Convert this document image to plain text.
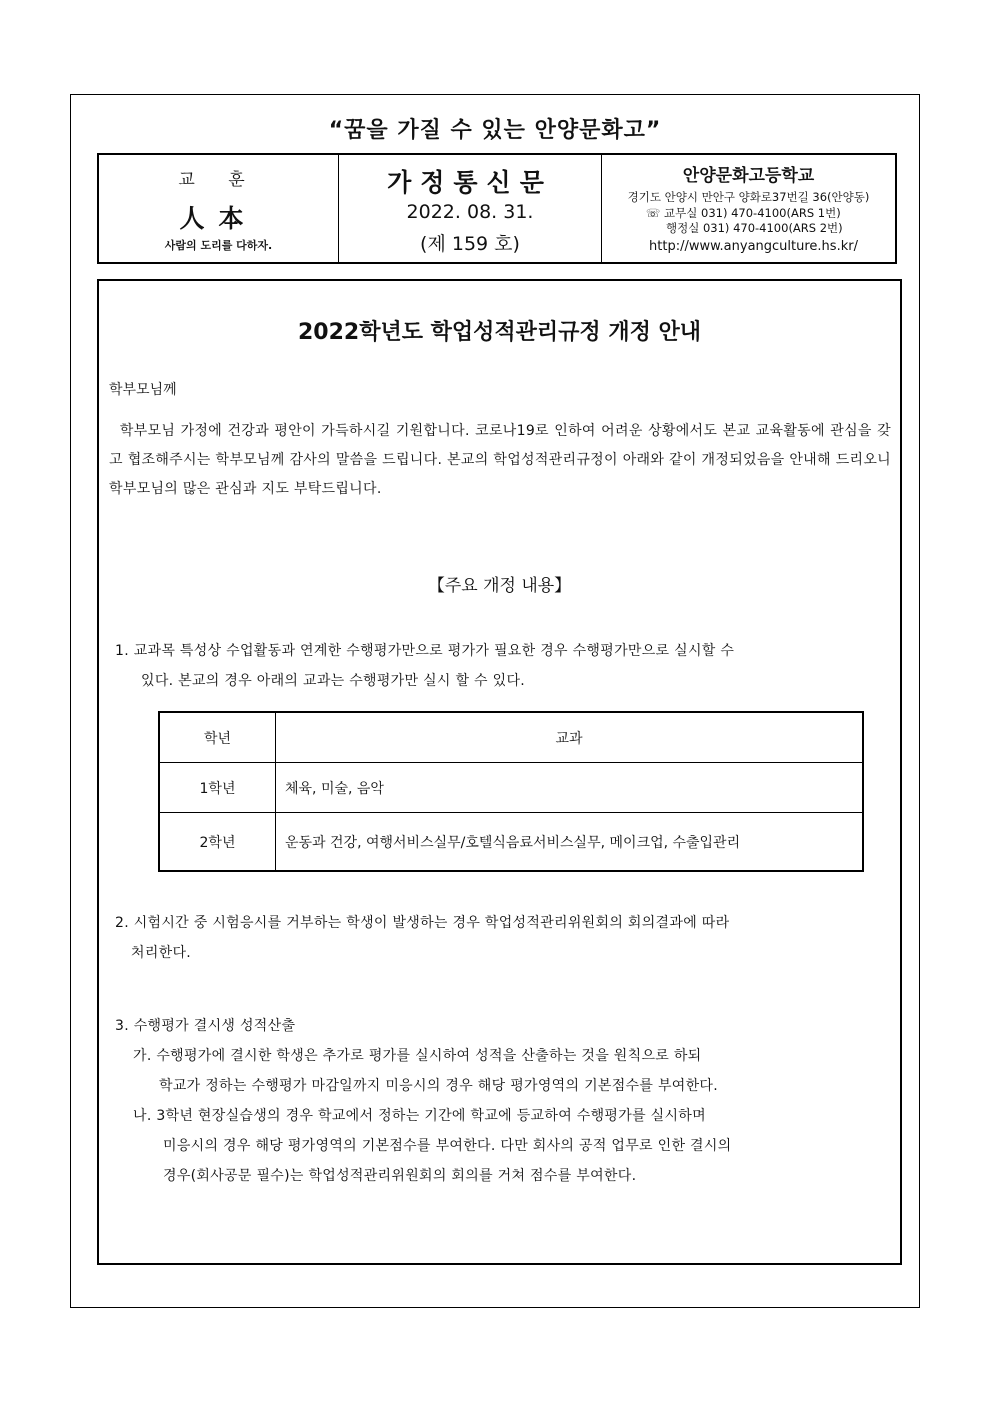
“꿈을 가질 수 있는 안양문화고”
교 훈
人本
사람의 도리를 다하자.
가정통신문
2022. 08. 31.
(제 159 호)
안양문화고등학교
경기도 안양시 만안구 양화로37번길 36(안양동)
☏ 교무실 031) 470-4100(ARS 1번)
행정실 031) 470-4100(ARS 2번)
http://www.anyangculture.hs.kr/
2022학년도 학업성적관리규정 개정 안내
학부모님께
학부모님 가정에 건강과 평안이 가득하시길 기원합니다. 코로나19로 인하여 어려운 상황에서도 본교 교육활동에 관심을 갖고 협조해주시는 학부모님께 감사의 말씀을 드립니다. 본교의 학업성적관리규정이 아래와 같이 개정되었음을 안내해 드리오니 학부모님의 많은 관심과 지도 부탁드립니다.
【주요 개정 내용】
1. 교과목 특성상 수업활동과 연계한 수행평가만으로 평가가 필요한 경우 수행평가만으로 실시할 수
있다. 본교의 경우 아래의 교과는 수행평가만 실시 할 수 있다.
학년	교과
1학년	체육, 미술, 음악
2학년	운동과 건강, 여행서비스실무/호텔식음료서비스실무, 메이크업, 수출입관리
2. 시험시간 중 시험응시를 거부하는 학생이 발생하는 경우 학업성적관리위원회의 회의결과에 따라
처리한다.
3. 수행평가 결시생 성적산출
가. 수행평가에 결시한 학생은 추가로 평가를 실시하여 성적을 산출하는 것을 원칙으로 하되
학교가 정하는 수행평가 마감일까지 미응시의 경우 해당 평가영역의 기본점수를 부여한다.
나. 3학년 현장실습생의 경우 학교에서 정하는 기간에 학교에 등교하여 수행평가를 실시하며
미응시의 경우 해당 평가영역의 기본점수를 부여한다. 다만 회사의 공적 업무로 인한 결시의
경우(회사공문 필수)는 학업성적관리위원회의 회의를 거쳐 점수를 부여한다.
